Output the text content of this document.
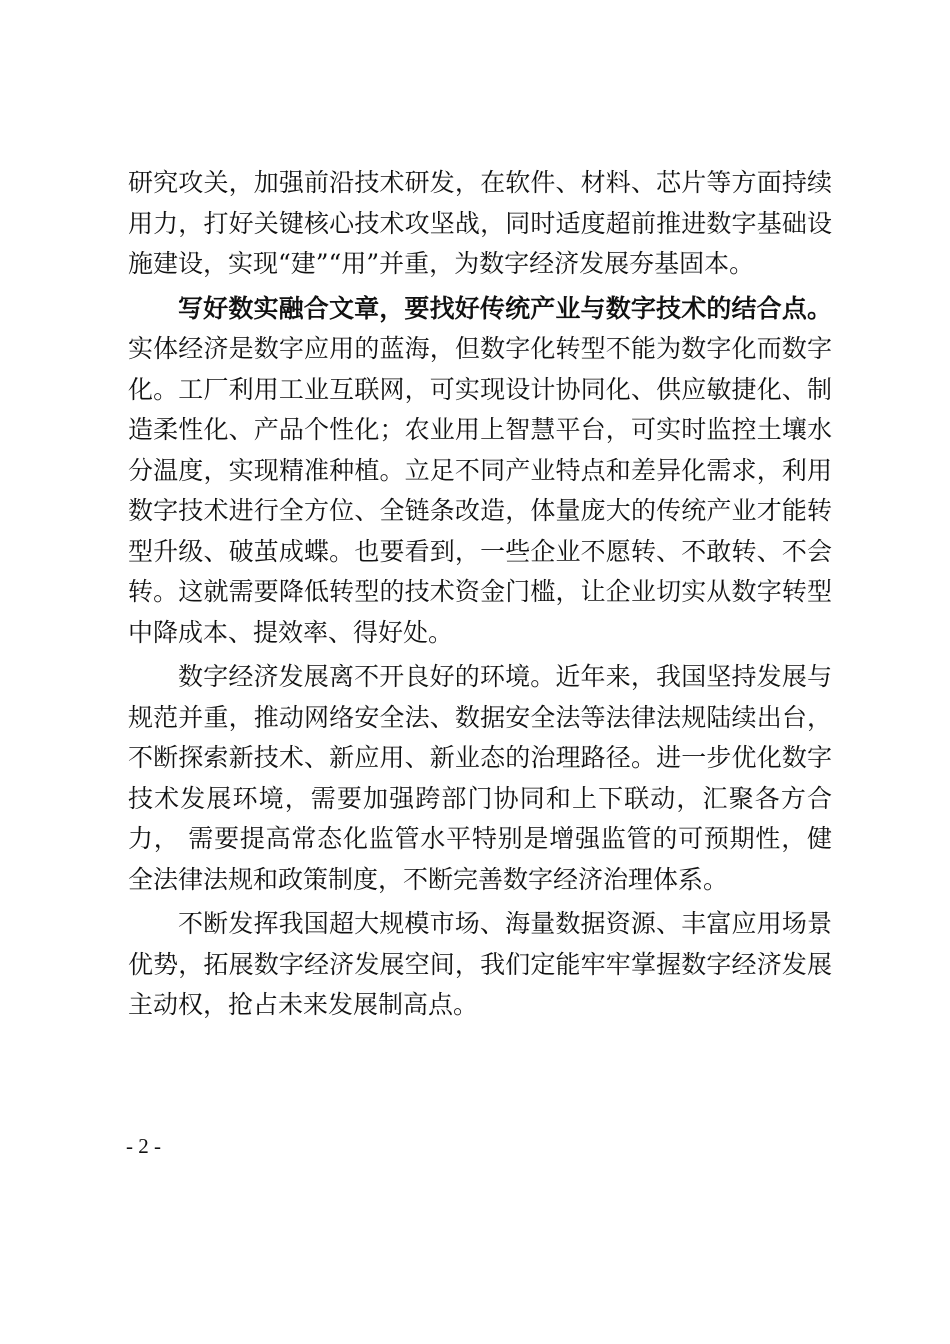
研究攻关，加强前沿技术研发，在软件、材料、芯片等方面持续用力，打好关键核心技术攻坚战，同时适度超前推进数字基础设施建设，实现“建”“用”并重，为数字经济发展夯基固本。

写好数实融合文章，要找好传统产业与数字技术的结合点。实体经济是数字应用的蓝海，但数字化转型不能为数字化而数字化。工厂利用工业互联网，可实现设计协同化、供应敏捷化、制造柔性化、产品个性化；农业用上智慧平台，可实时监控土壤水分温度，实现精准种植。立足不同产业特点和差异化需求，利用数字技术进行全方位、全链条改造，体量庞大的传统产业才能转型升级、破茧成蝶。也要看到，一些企业不愿转、不敢转、不会转。这就需要降低转型的技术资金门槛，让企业切实从数字转型中降成本、提效率、得好处。

数字经济发展离不开良好的环境。近年来，我国坚持发展与规范并重，推动网络安全法、数据安全法等法律法规陆续出台，不断探索新技术、新应用、新业态的治理路径。进一步优化数字技术发展环境，需要加强跨部门协同和上下联动，汇聚各方合力， 需要提高常态化监管水平特别是增强监管的可预期性，健全法律法规和政策制度，不断完善数字经济治理体系。

不断发挥我国超大规模市场、海量数据资源、丰富应用场景优势，拓展数字经济发展空间，我们定能牢牢掌握数字经济发展主动权，抢占未来发展制高点。

- 2 -
